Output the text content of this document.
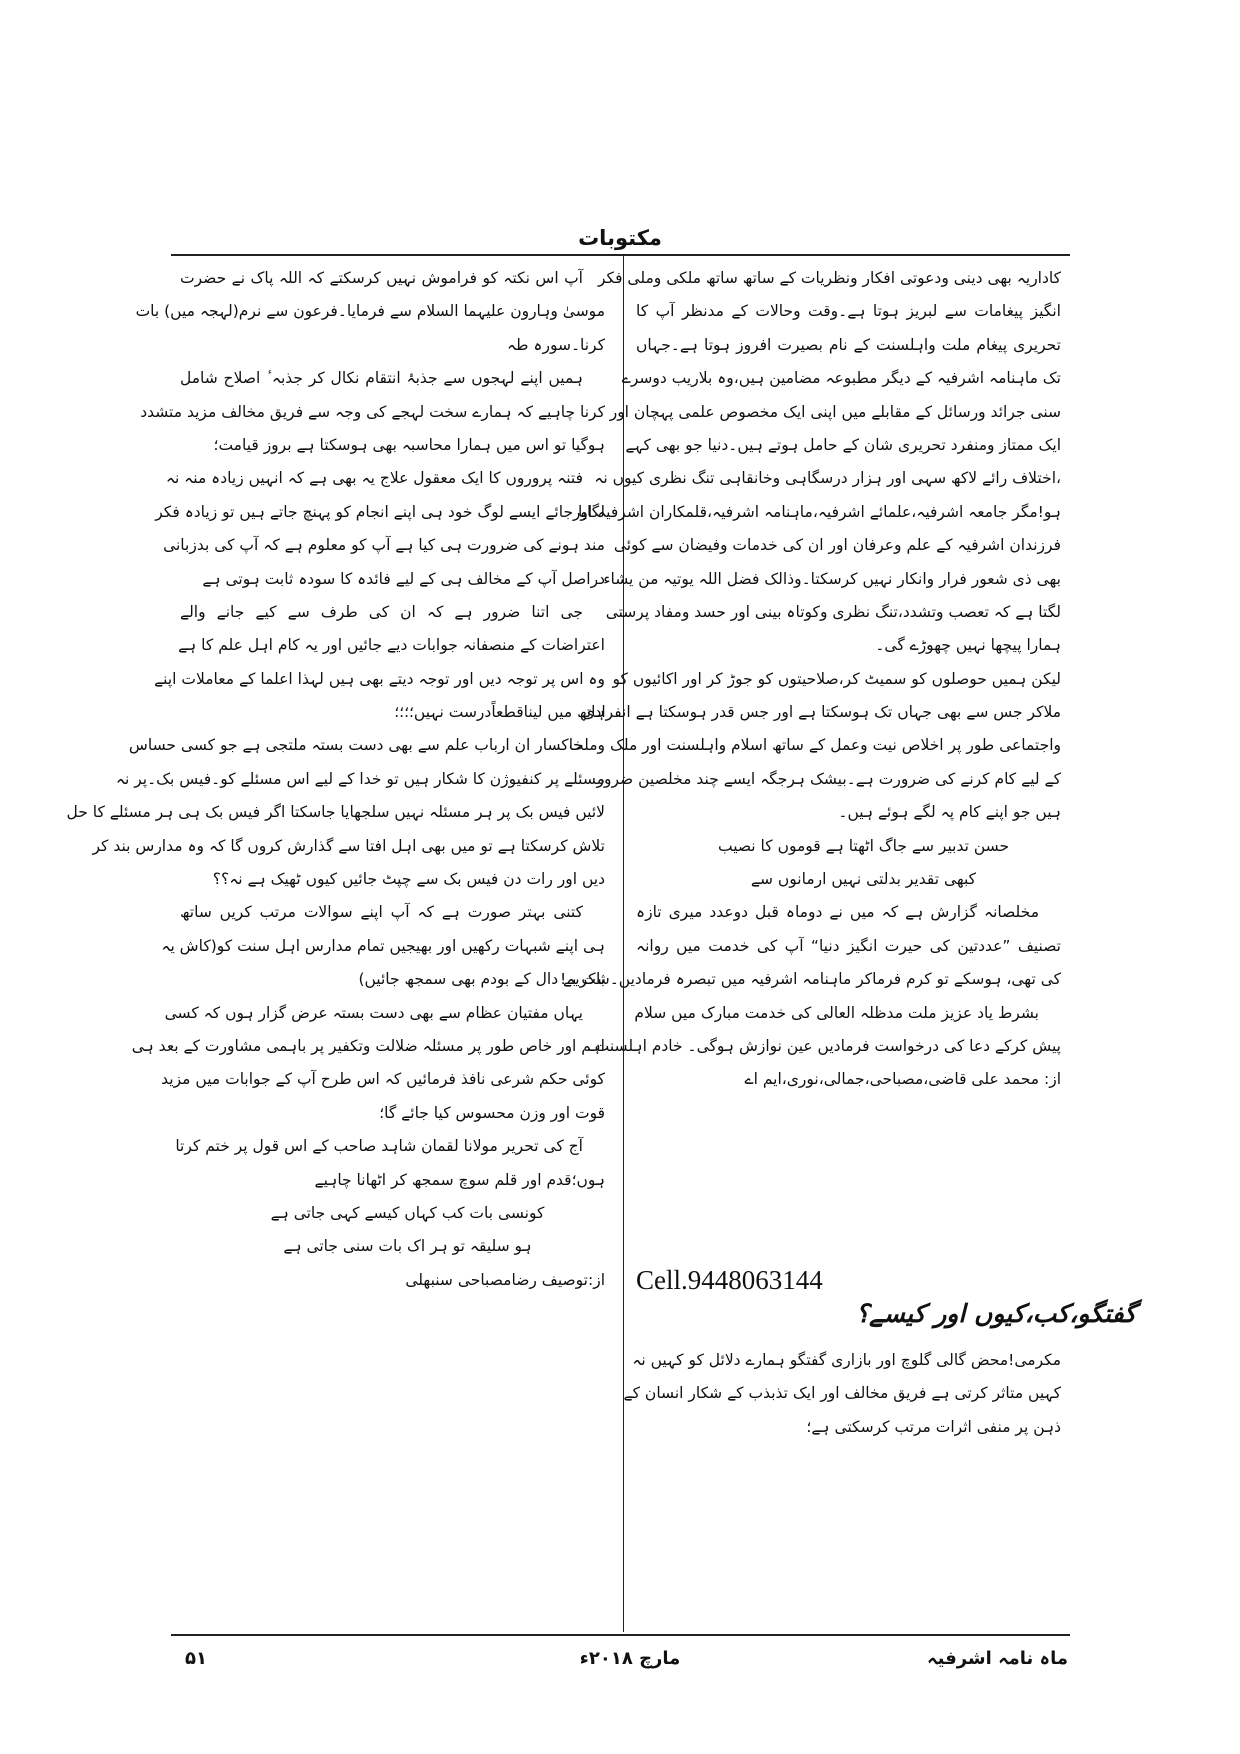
مکتوبات
کاداریہ بھی دینی ودعوتی افکار ونظریات کے ساتھ ساتھ ملکی وملی فکر
انگیز پیغامات سے لبریز ہوتا ہے۔وقت وحالات کے مدنظر آپ کا
تحریری پیغام ملت واہلسنت کے نام بصیرت افروز ہوتا ہے۔جہاں
تک ماہنامہ اشرفیہ کے دیگر مطبوعہ مضامین ہیں،وہ بلاریب دوسرے
سنی جرائد ورسائل کے مقابلے میں اپنی ایک مخصوص علمی پہچان اور
ایک ممتاز ومنفرد تحریری شان کے حامل ہوتے ہیں۔دنیا جو بھی کہے
،اختلاف رائے لاکھ سہی اور ہزار درسگاہی وخانقاہی تنگ نظری کیوں نہ
ہو!مگر جامعہ اشرفیہ،علمائے اشرفیہ،ماہنامہ اشرفیہ،قلمکاران اشرفیہ اور
فرزندان اشرفیہ کے علم وعرفان اور ان کی خدمات وفیضان سے کوئی
بھی ذی شعور فرار وانکار نہیں کرسکتا۔وذالک فضل اللہ یوتیہ من یشاء۔
لگتا ہے کہ تعصب وتشدد،تنگ نظری وکوتاہ بینی اور حسد ومفاد پرستی
ہمارا پیچھا نہیں چھوڑے گی۔
لیکن ہمیں حوصلوں کو سمیٹ کر،صلاحیتوں کو جوڑ کر اور اکائیوں کو
ملاکر جس سے بھی جہاں تک ہوسکتا ہے اور جس قدر ہوسکتا ہے انفرادی
واجتماعی طور پر اخلاص نیت وعمل کے ساتھ اسلام واہلسنت اور ملک وملت
کے لیے کام کرنے کی ضرورت ہے۔بیشک ہرجگہ ایسے چند مخلصین ضرور
ہیں جو اپنے کام پہ لگے ہوئے ہیں۔
حسن تدبیر سے جاگ اٹھتا ہے قوموں کا نصیب
کبھی تقدیر بدلتی نہیں ارمانوں سے
مخلصانہ گزارش ہے کہ میں نے دوماہ قبل دوعدد میری تازہ
تصنیف ”عددتین کی حیرت انگیز دنیا“ آپ کی خدمت میں روانہ
کی تھی، ہوسکے تو کرم فرماکر ماہنامہ اشرفیہ میں تبصرہ فرمادیں۔شکریہ!
بشرط یاد عزیز ملت مدظلہ العالی کی خدمت مبارک میں سلام
پیش کرکے دعا کی درخواست فرمادیں عین نوازش ہوگی۔ خادم اہلسنت
از: محمد علی قاضی،مصباحی،جمالی،نوری،ایم اے
Cell.9448063144
گفتگو،کب،کیوں اور کیسے؟
مکرمی!محض گالی گلوچ اور بازاری گفتگو ہمارے دلائل کو کہیں نہ
کہیں متاثر کرتی ہے فریق مخالف اور ایک تذبذب کے شکار انسان کے
ذہن پر منفی اثرات مرتب کرسکتی ہے؛
آپ اس نکتہ کو فراموش نہیں کرسکتے کہ اللہ پاک نے حضرت
موسیٰ وہارون علیہما السلام سے فرمایا۔فرعون سے نرم(لہجہ میں) بات
کرنا۔سورہ طہ
ہمیں اپنے لہجوں سے جذبۂ انتقام نکال کر جذبہ ٔ اصلاح شامل
کرنا چاہیے کہ ہمارے سخت لہجے کی وجہ سے فریق مخالف مزید متشدد
ہوگیا تو اس میں ہمارا محاسبہ بھی ہوسکتا ہے بروز قیامت؛
فتنہ پروروں کا ایک معقول علاج یہ بھی ہے کہ انہیں زیادہ منہ نہ
لگایا جائے ایسے لوگ خود ہی اپنے انجام کو پہنچ جاتے ہیں تو زیادہ فکر
مند ہونے کی ضرورت ہی کیا ہے آپ کو معلوم ہے کہ آپ کی بدزبانی
دراصل آپ کے مخالف ہی کے لیے فائدہ کا سودہ ثابت ہوتی ہے
جی اتنا ضرور ہے کہ ان کی طرف سے کیے جانے والے
اعتراضات کے منصفانہ جوابات دیے جائیں اور یہ کام اہل علم کا ہے
وہ اس پر توجہ دیں اور توجہ دیتے بھی ہیں لہذا اعلما کے معاملات اپنے
ہاتھ میں لیناقطعاًدرست نہیں؛؛؛؛
خاکسار ان ارباب علم سے بھی دست بستہ ملتجی ہے جو کسی حساس
مسئلے پر کنفیوژن کا شکار ہیں تو خدا کے لیے اس مسئلے کو۔فیس بک۔پر نہ
لائیں فیس بک پر ہر مسئلہ نہیں سلجھایا جاسکتا اگر فیس بک ہی ہر مسئلے کا حل
تلاش کرسکتا ہے تو میں بھی اہل افتا سے گذارش کروں گا کہ وہ مدارس بند کر
دیں اور رات دن فیس بک سے چپٹ جائیں کیوں ٹھیک ہے نہ؟؟
کتنی بہتر صورت ہے کہ آپ اپنے سوالات مرتب کریں ساتھ
ہی اپنے شبہات رکھیں اور بھیجیں تمام مدارس اہل سنت کو(کاش یہ
بات بے دال کے بودم بھی سمجھ جائیں)
یہاں مفتیان عظام سے بھی دست بستہ عرض گزار ہوں کہ کسی
اہم اور خاص طور پر مسئلہ ضلالت وتکفیر پر باہمی مشاورت کے بعد ہی
کوئی حکم شرعی نافذ فرمائیں کہ اس طرح آپ کے جوابات میں مزید
قوت اور وزن محسوس کیا جائے گا؛
آج کی تحریر مولانا لقمان شاہد صاحب کے اس قول پر ختم کرتا
ہوں؛قدم اور قلم سوچ سمجھ کر اٹھانا چاہیے
کونسی بات کب کہاں کیسے کہی جاتی ہے
ہو سلیقہ تو ہر اک بات سنی جاتی ہے
از:توصیف رضامصباحی سنبھلی
ماہ نامہ اشرفیہ
مارچ ۲۰۱۸ء
۵۱
